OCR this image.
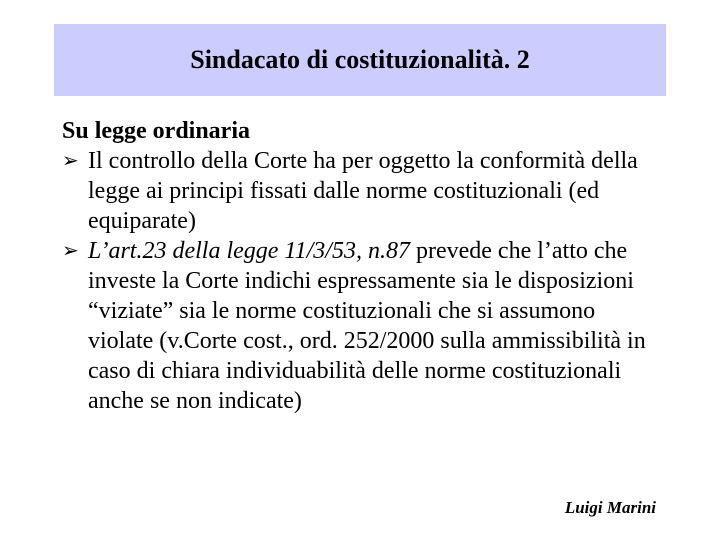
Sindacato di costituzionalità. 2

Su legge ordinaria

➢ Il controllo della Corte ha per oggetto la conformità della legge ai principi fissati dalle norme costituzionali (ed equiparate)

➢ L’art.23 della legge 11/3/53, n.87 prevede che l’atto che investe la Corte indichi espressamente sia le disposizioni “viziate” sia le norme costituzionali che si assumono violate (v.Corte cost., ord. 252/2000 sulla ammissibilità in caso di chiara individuabilità delle norme costituzionali anche se non indicate)

Luigi Marini
